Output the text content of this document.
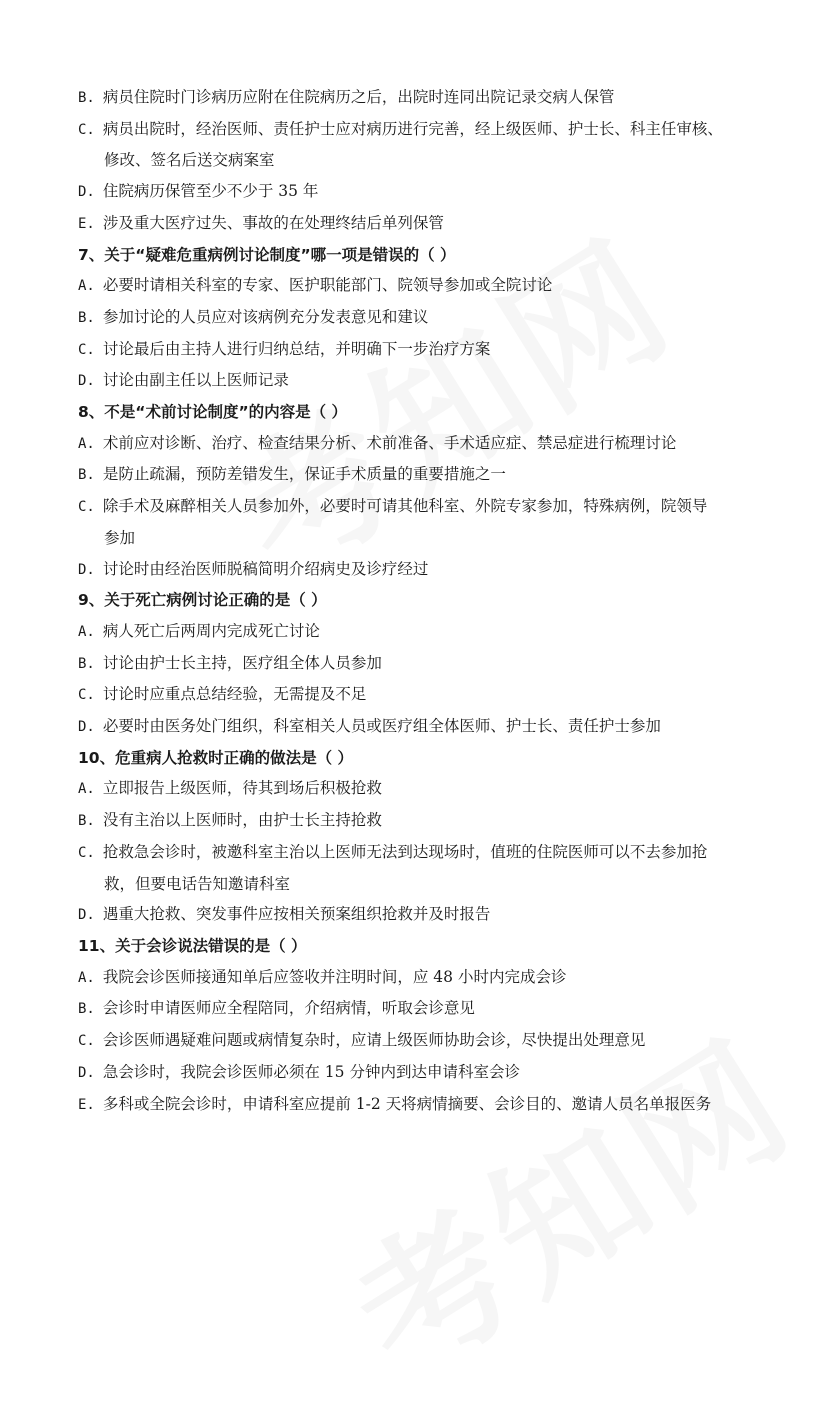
B. 病员住院时门诊病历应附在住院病历之后，出院时连同出院记录交病人保管
C. 病员出院时，经治医师、责任护士应对病历进行完善，经上级医师、护士长、科主任审核、
修改、签名后送交病案室
D. 住院病历保管至少不少于 35 年
E. 涉及重大医疗过失、事故的在处理终结后单列保管
7、关于“疑难危重病例讨论制度”哪一项是错误的（ ）
A. 必要时请相关科室的专家、医护职能部门、院领导参加或全院讨论
B. 参加讨论的人员应对该病例充分发表意见和建议
C. 讨论最后由主持人进行归纳总结，并明确下一步治疗方案
D. 讨论由副主任以上医师记录
8、不是“术前讨论制度”的内容是（ ）
A. 术前应对诊断、治疗、检查结果分析、术前准备、手术适应症、禁忌症进行梳理讨论
B. 是防止疏漏，预防差错发生，保证手术质量的重要措施之一
C. 除手术及麻醉相关人员参加外，必要时可请其他科室、外院专家参加，特殊病例，院领导
参加
D. 讨论时由经治医师脱稿简明介绍病史及诊疗经过
9、关于死亡病例讨论正确的是（ ）
A. 病人死亡后两周内完成死亡讨论
B. 讨论由护士长主持，医疗组全体人员参加
C. 讨论时应重点总结经验，无需提及不足
D. 必要时由医务处门组织，科室相关人员或医疗组全体医师、护士长、责任护士参加
10、危重病人抢救时正确的做法是（ ）
A. 立即报告上级医师，待其到场后积极抢救
B. 没有主治以上医师时，由护士长主持抢救
C. 抢救急会诊时，被邀科室主治以上医师无法到达现场时，值班的住院医师可以不去参加抢
救，但要电话告知邀请科室
D. 遇重大抢救、突发事件应按相关预案组织抢救并及时报告
11、关于会诊说法错误的是（ ）
A. 我院会诊医师接通知单后应签收并注明时间，应 48 小时内完成会诊
B. 会诊时申请医师应全程陪同，介绍病情，听取会诊意见
C. 会诊医师遇疑难问题或病情复杂时，应请上级医师协助会诊，尽快提出处理意见
D. 急会诊时，我院会诊医师必须在 15 分钟内到达申请科室会诊
E. 多科或全院会诊时，申请科室应提前 1-2 天将病情摘要、会诊目的、邀请人员名单报医务
